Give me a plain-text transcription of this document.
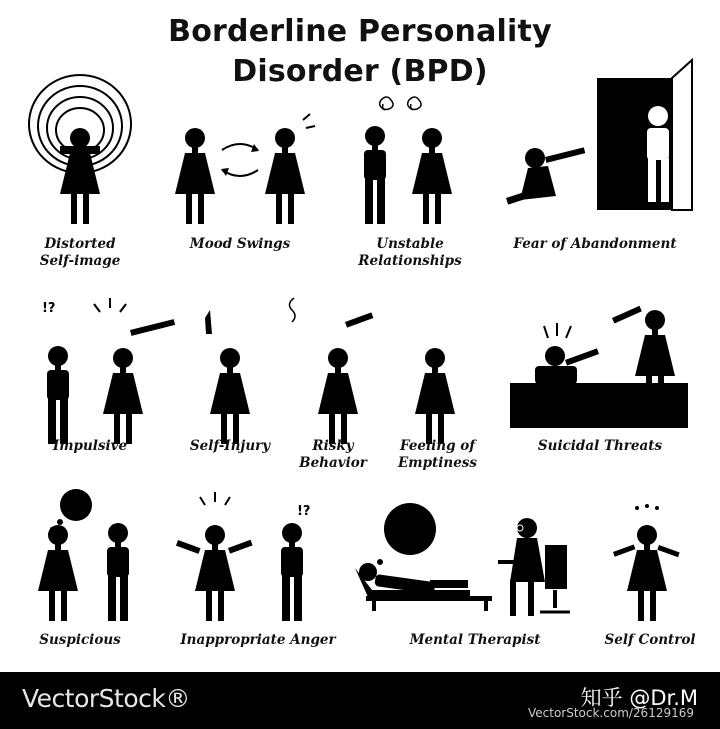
Borderline Personality
Disorder (BPD)
!?
!?
Distorted
Self-image
Mood Swings	Unstable
Relationships
Fear of Abandonment
Impulsive	Self-Injury	Risky
Behavior
Feeling of
Emptiness
Suicidal Threats
Suspicious	Inappropriate Anger	Mental Therapist	Self Control
VectorStock®	知乎 @Dr.M
VectorStock.com/26129169
